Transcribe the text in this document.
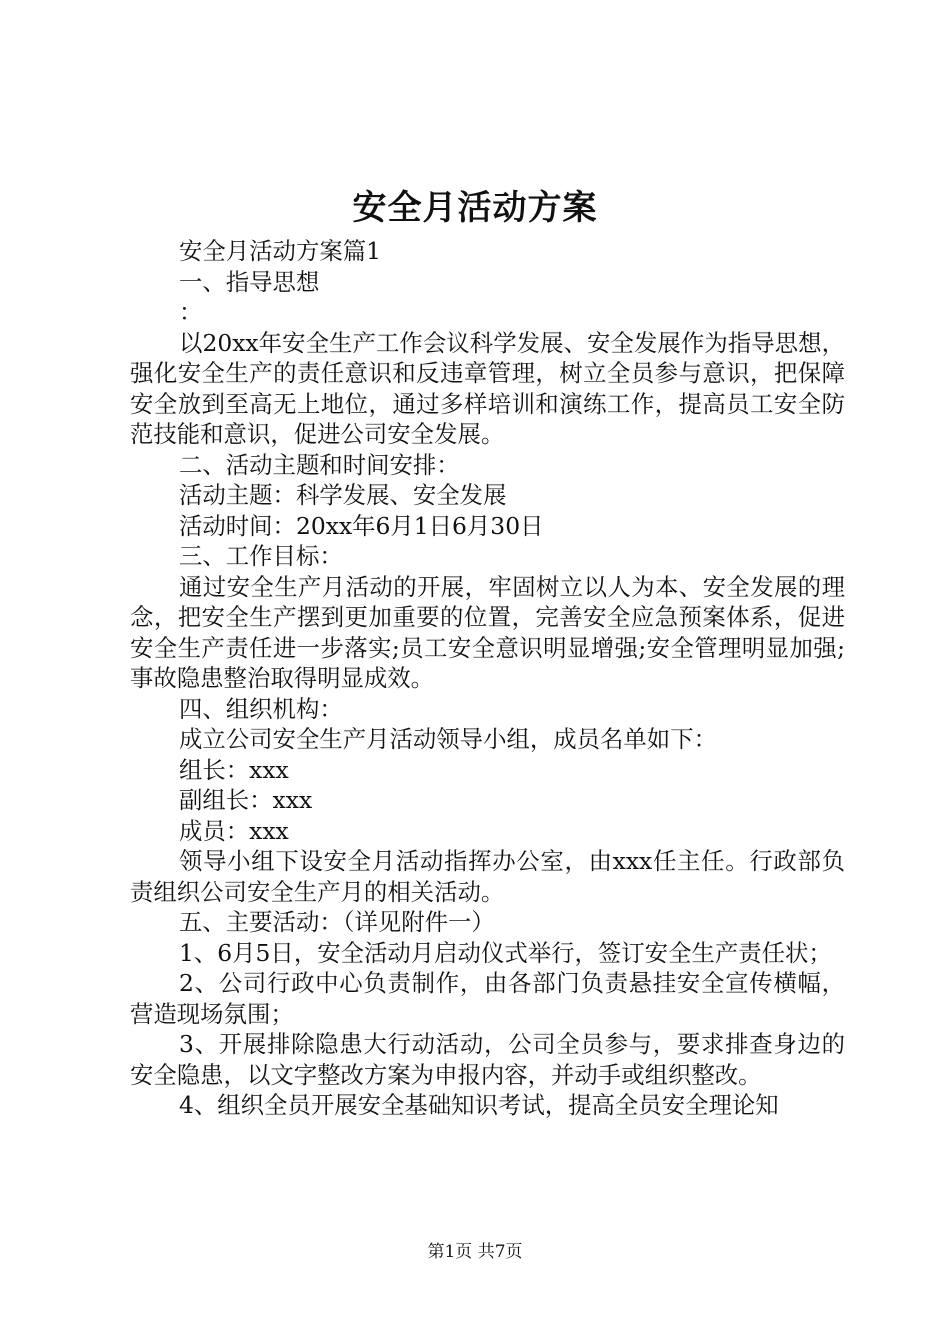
安全月活动方案

安全月活动方案篇1

一、指导思想

：

以20xx年安全生产工作会议科学发展、安全发展作为指导思想，强化安全生产的责任意识和反违章管理，树立全员参与意识，把保障安全放到至高无上地位，通过多样培训和演练工作，提高员工安全防范技能和意识，促进公司安全发展。

二、活动主题和时间安排：

活动主题：科学发展、安全发展

活动时间：20xx年6月1日6月30日

三、工作目标：

通过安全生产月活动的开展，牢固树立以人为本、安全发展的理念，把安全生产摆到更加重要的位置，完善安全应急预案体系，促进安全生产责任进一步落实;员工安全意识明显增强;安全管理明显加强;事故隐患整治取得明显成效。

四、组织机构：

成立公司安全生产月活动领导小组，成员名单如下：

组长：xxx

副组长：xxx

成员：xxx

领导小组下设安全月活动指挥办公室，由xxx任主任。行政部负责组织公司安全生产月的相关活动。

五、主要活动：（详见附件一）

1、6月5日，安全活动月启动仪式举行，签订安全生产责任状；

2、公司行政中心负责制作，由各部门负责悬挂安全宣传横幅，营造现场氛围；

3、开展排除隐患大行动活动，公司全员参与，要求排查身边的安全隐患，以文字整改方案为申报内容，并动手或组织整改。

4、组织全员开展安全基础知识考试，提高全员安全理论知

第1页 共7页
